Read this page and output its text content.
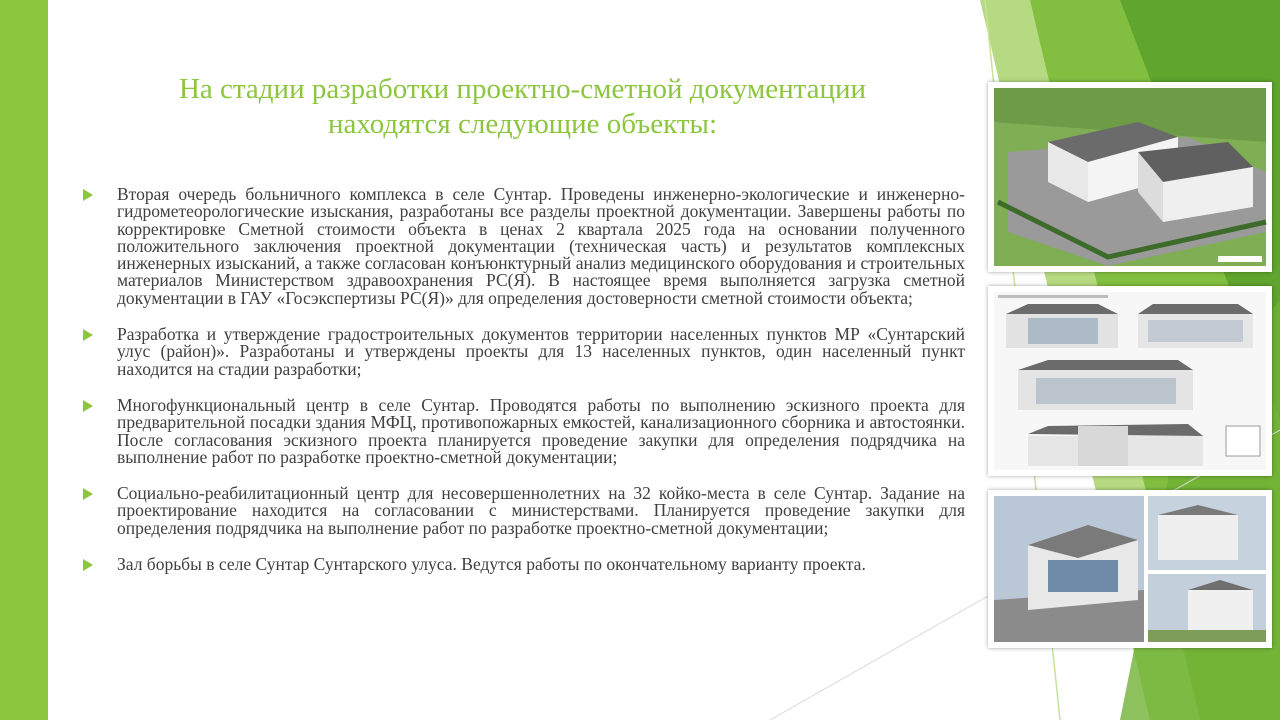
На стадии разработки проектно-сметной документации
находятся следующие объекты:
Вторая очередь больничного комплекса в селе Сунтар. Проведены инженерно-экологические и инженерно-гидрометеорологические изыскания, разработаны все разделы проектной документации. Завершены работы по корректировке Сметной стоимости объекта в ценах 2 квартала 2025 года на основании полученного положительного заключения проектной документации (техническая часть) и результатов комплексных инженерных изысканий, а также согласован конъюнктурный анализ медицинского оборудования и строительных материалов Министерством здравоохранения РС(Я). В настоящее время выполняется загрузка сметной документации в ГАУ «Госэкспертизы РС(Я)» для определения достоверности сметной стоимости объекта;
Разработка и утверждение градостроительных документов территории населенных пунктов МР «Сунтарский улус (район)». Разработаны и утверждены проекты для 13 населенных пунктов, один населенный пункт находится на стадии разработки;
Многофункциональный центр в селе Сунтар. Проводятся работы по выполнению эскизного проекта для предварительной посадки здания МФЦ, противопожарных емкостей, канализационного сборника и автостоянки. После согласования эскизного проекта планируется проведение закупки для определения подрядчика на выполнение работ по разработке проектно-сметной документации;
Социально-реабилитационный центр для несовершеннолетних на 32 койко-места в селе Сунтар. Задание на проектирование находится на согласовании с министерствами. Планируется проведение закупки для определения подрядчика на выполнение работ по разработке проектно-сметной документации;
Зал борьбы в селе Сунтар Сунтарского улуса. Ведутся работы по окончательному варианту проекта.
